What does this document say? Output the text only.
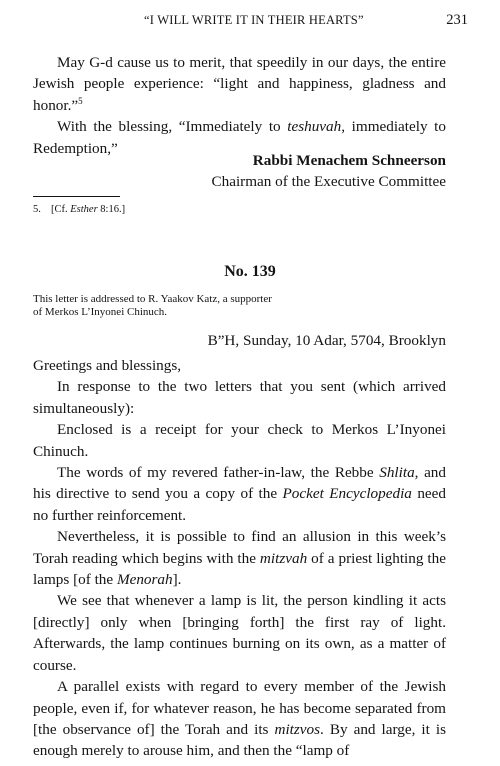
“I WILL WRITE IT IN THEIR HEARTS”	231

May G-d cause us to merit, that speedily in our days, the entire Jewish people experience: “light and happiness, gladness and honor.”$^5$

With the blessing, “Immediately to teshuvah, immediately to Redemption,”

Rabbi Menachem Schneerson
Chairman of the Executive Committee
5. [Cf. Esther 8:16.]
No. 139
This letter is addressed to R. Yaakov Katz, a supporter
of Merkos L’Inyonei Chinuch.
B”H, Sunday, 10 Adar, 5704, Brooklyn

Greetings and blessings,

In response to the two letters that you sent (which arrived simultaneously):

Enclosed is a receipt for your check to Merkos L’Inyonei Chinuch.

The words of my revered father-in-law, the Rebbe Shlita, and his directive to send you a copy of the Pocket Encyclopedia need no further reinforcement.

Nevertheless, it is possible to find an allusion in this week’s Torah reading which begins with the mitzvah of a priest lighting the lamps [of the Menorah].

We see that whenever a lamp is lit, the person kindling it acts [directly] only when [bringing forth] the first ray of light. Afterwards, the lamp continues burning on its own, as a matter of course.

A parallel exists with regard to every member of the Jewish people, even if, for whatever reason, he has become separated from [the observance of] the Torah and its mitzvos. By and large, it is enough merely to arouse him, and then the “lamp of
